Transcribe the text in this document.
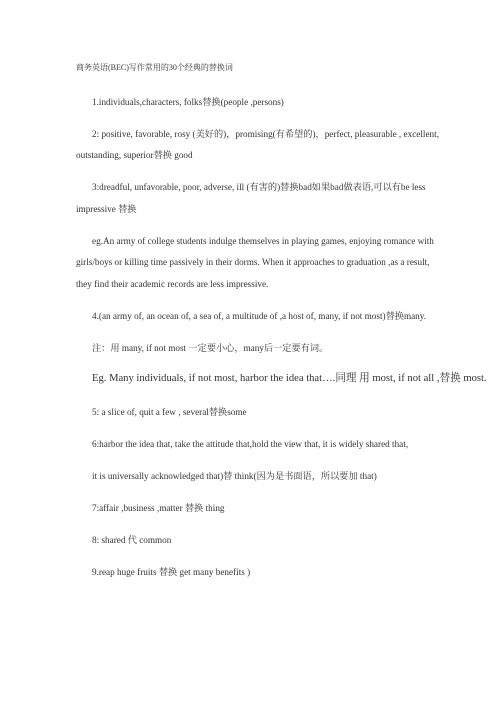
商务英语(BEC)写作常用的30个经典的替换词
1.individuals,characters, folks替换(people ,persons)
2: positive, favorable, rosy (美好的)，promising(有希望的)，perfect, pleasurable , excellent,
outstanding, superior替换 good
3:dreadful, unfavorable, poor, adverse, ill (有害的)替换bad如果bad做表语,可以有be less
impressive 替换
eg.An army of college students indulge themselves in playing games, enjoying romance with
girls/boys or killing time passively in their dorms. When it approaches to graduation ,as a result,
they find their academic records are less impressive.
4.(an army of, an ocean of, a sea of, a multitude of ,a host of, many, if not most)替换many.
注：用 many, if not most 一定要小心，many后一定要有词。
Eg. Many individuals, if not most, harbor the idea that….同理 用 most, if not all ,替换 most.
5: a slice of, quit a few , several替换some
6:harbor the idea that, take the attitude that,hold the view that, it is widely shared that,
it is universally acknowledged that)替 think(因为是书面语，所以要加 that)
7:affair ,business ,matter 替换 thing
8: shared 代 common
9.reap huge fruits 替换 get many benefits )
